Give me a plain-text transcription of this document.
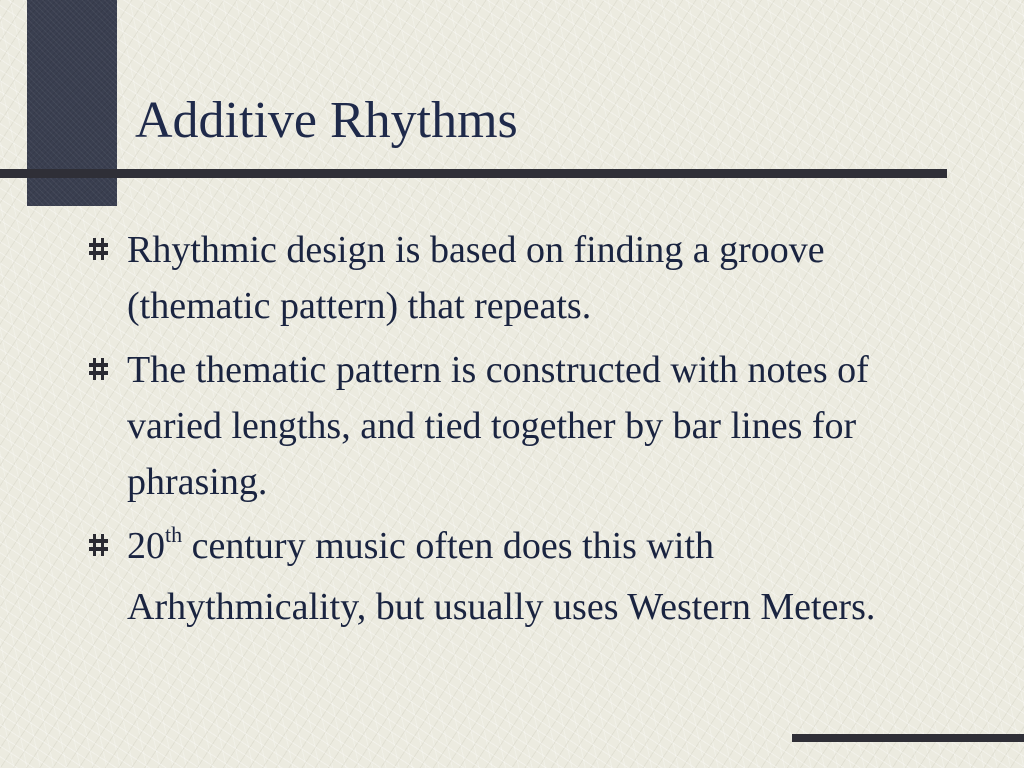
Additive Rhythms
Rhythmic design is based on finding a groove (thematic pattern) that repeats.
The thematic pattern is constructed with notes of varied lengths, and tied together by bar lines for phrasing.
20th century music often does this with Arhythmicality, but usually uses Western Meters.
